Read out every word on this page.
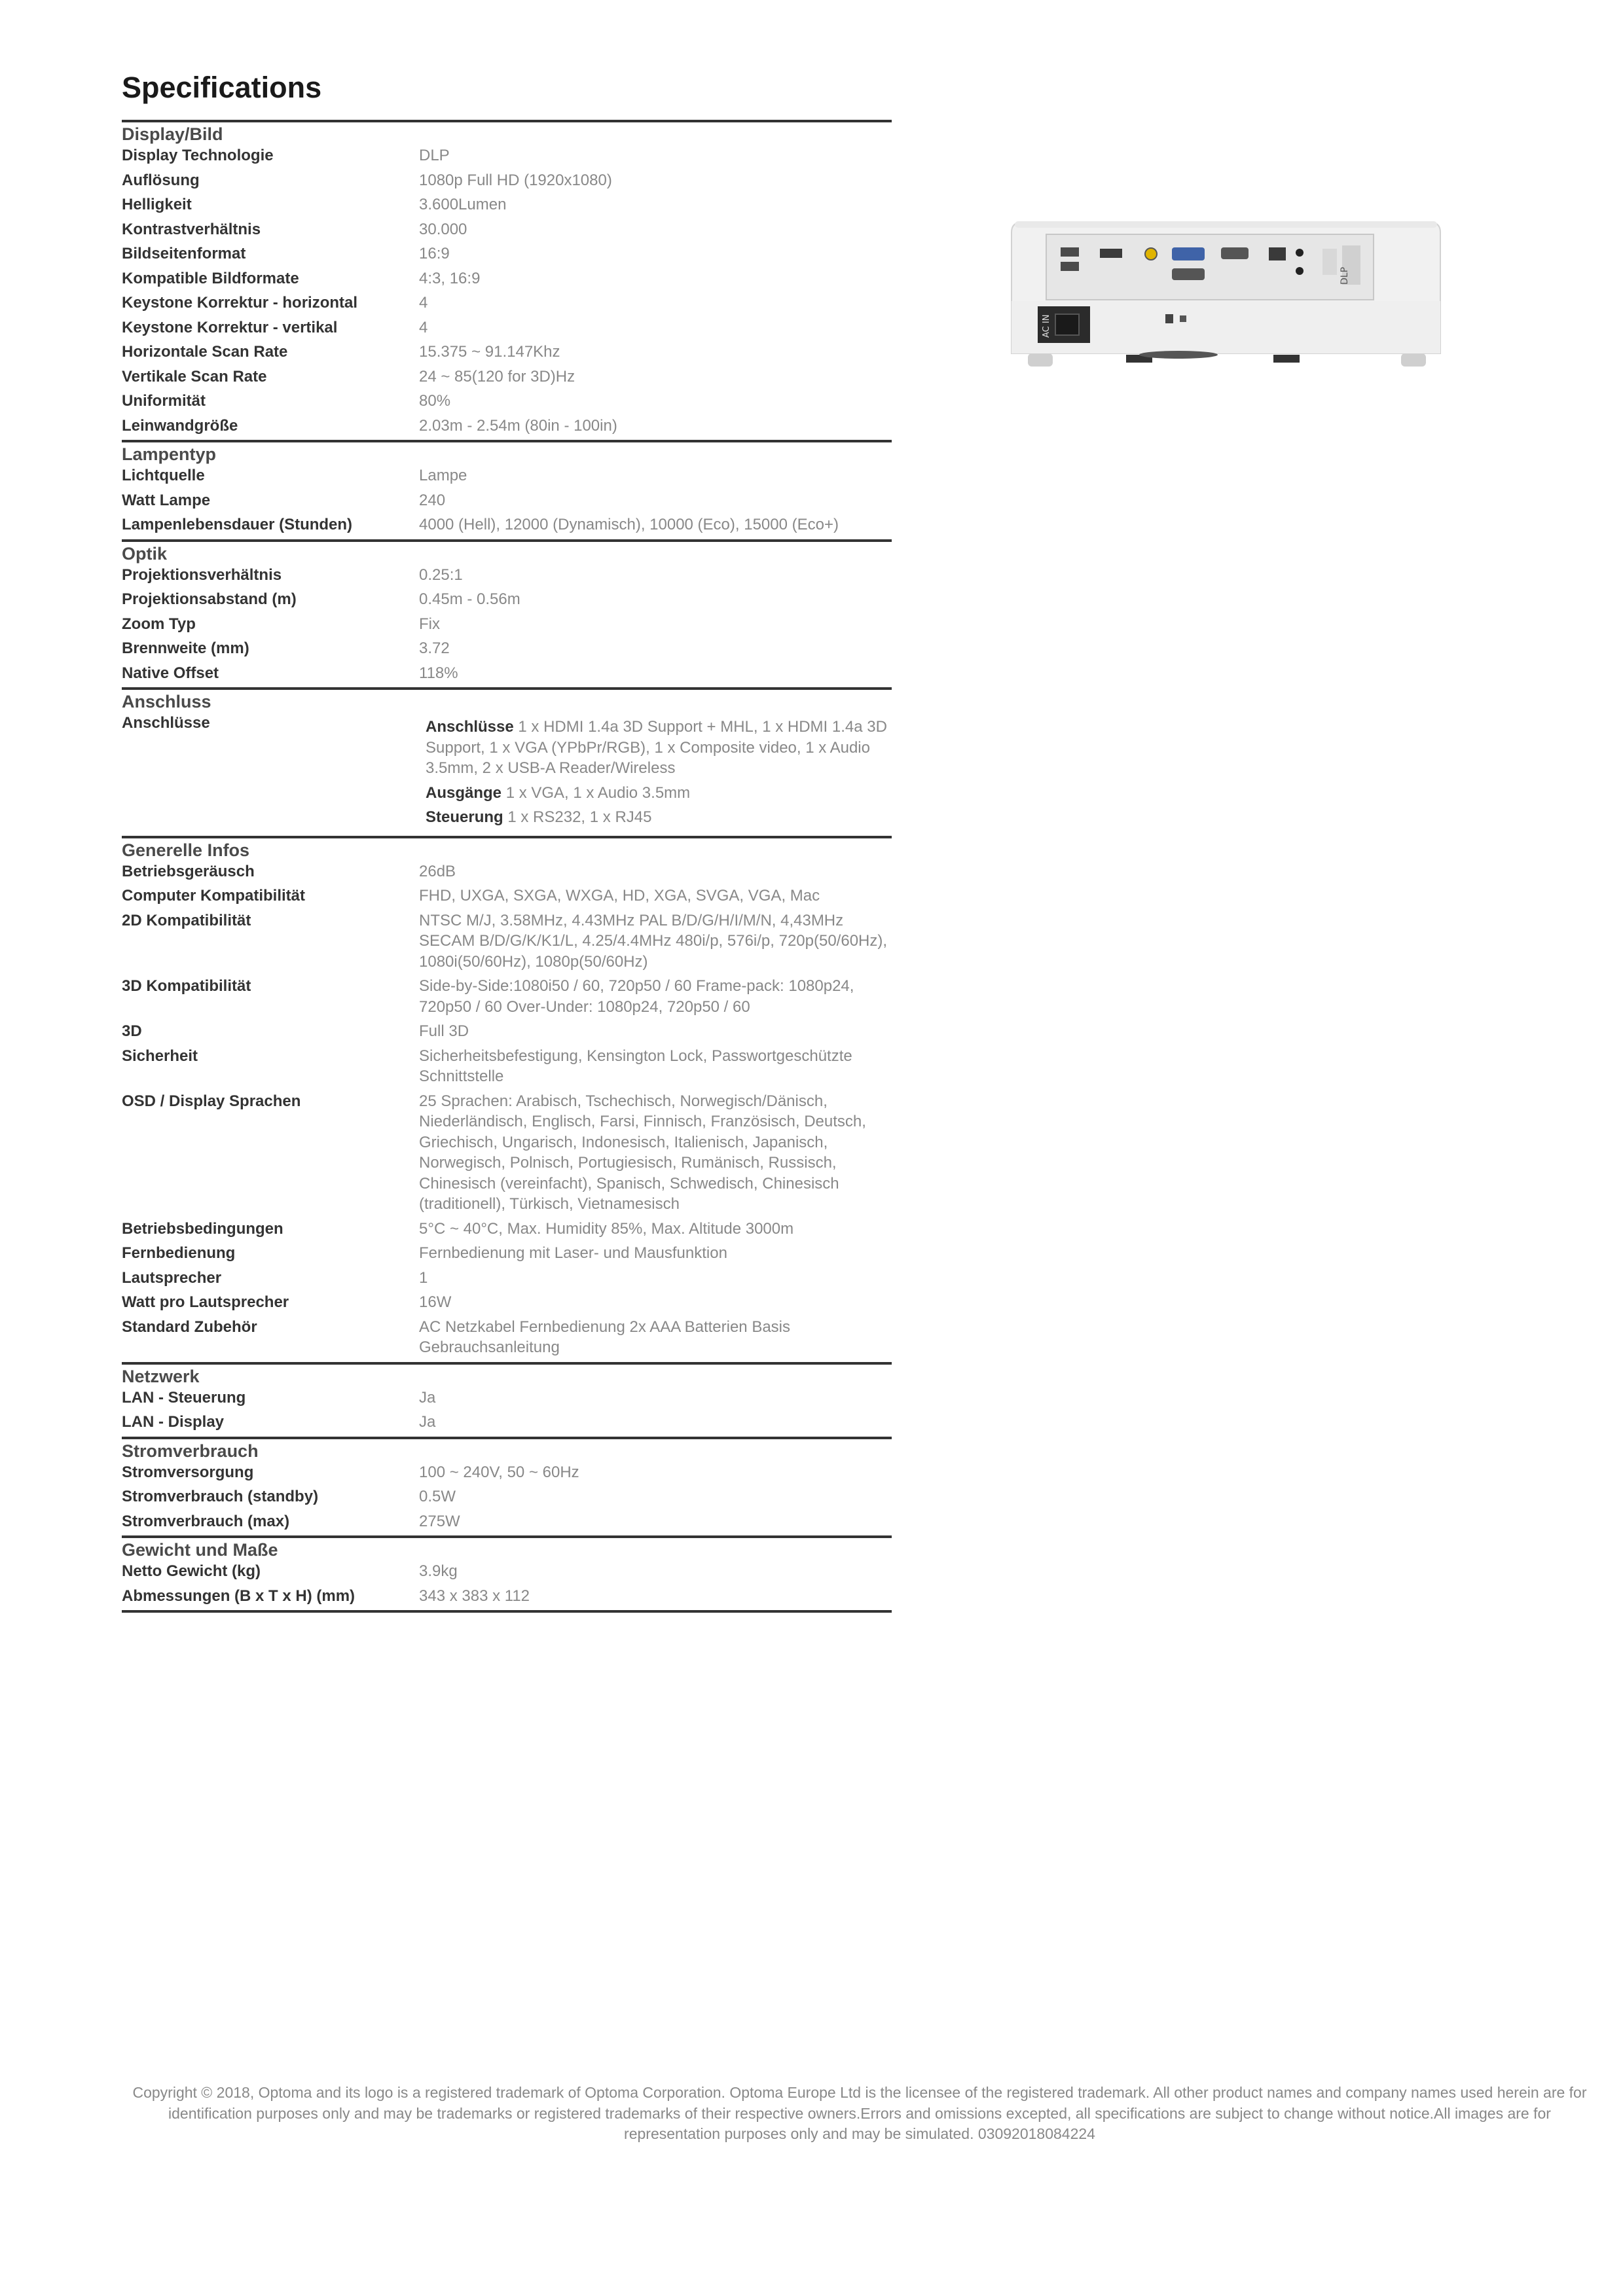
Specifications
Display/Bild
Display Technologie	DLP
Auflösung	1080p Full HD (1920x1080)
Helligkeit	3.600Lumen
Kontrastverhältnis	30.000
Bildseitenformat	16:9
Kompatible Bildformate	4:3, 16:9
Keystone Korrektur - horizontal	4
Keystone Korrektur - vertikal	4
Horizontale Scan Rate	15.375 ~ 91.147Khz
Vertikale Scan Rate	24 ~ 85(120 for 3D)Hz
Uniformität	80%
Leinwandgröße	2.03m - 2.54m (80in - 100in)
Lampentyp
Lichtquelle	Lampe
Watt Lampe	240
Lampenlebensdauer (Stunden)	4000 (Hell), 12000 (Dynamisch), 10000 (Eco), 15000 (Eco+)
Optik
Projektionsverhältnis	0.25:1
Projektionsabstand (m)	0.45m - 0.56m
Zoom Typ	Fix
Brennweite (mm)	3.72
Native Offset	118%
Anschluss
Anschlüsse	Anschlüsse 1 x HDMI 1.4a 3D Support + MHL, 1 x HDMI 1.4a 3D Support, 1 x VGA (YPbPr/RGB), 1 x Composite video, 1 x Audio 3.5mm, 2 x USB-A Reader/Wireless
Ausgänge 1 x VGA, 1 x Audio 3.5mm
Steuerung 1 x RS232, 1 x RJ45
Generelle Infos
Betriebsgeräusch	26dB
Computer Kompatibilität	FHD, UXGA, SXGA, WXGA, HD, XGA, SVGA, VGA, Mac
2D Kompatibilität	NTSC M/J, 3.58MHz, 4.43MHz PAL B/D/G/H/I/M/N, 4,43MHz SECAM B/D/G/K/K1/L, 4.25/4.4MHz 480i/p, 576i/p, 720p(50/60Hz), 1080i(50/60Hz), 1080p(50/60Hz)
3D Kompatibilität	Side-by-Side:1080i50 / 60, 720p50 / 60 Frame-pack: 1080p24, 720p50 / 60 Over-Under: 1080p24, 720p50 / 60
3D	Full 3D
Sicherheit	Sicherheitsbefestigung, Kensington Lock, Passwortgeschützte Schnittstelle
OSD / Display Sprachen	25 Sprachen: Arabisch, Tschechisch, Norwegisch/Dänisch, Niederländisch, Englisch, Farsi, Finnisch, Französisch, Deutsch, Griechisch, Ungarisch, Indonesisch, Italienisch, Japanisch, Norwegisch, Polnisch, Portugiesisch, Rumänisch, Russisch, Chinesisch (vereinfacht), Spanisch, Schwedisch, Chinesisch (traditionell), Türkisch, Vietnamesisch
Betriebsbedingungen	5°C ~ 40°C, Max. Humidity 85%, Max. Altitude 3000m
Fernbedienung	Fernbedienung mit Laser- und Mausfunktion
Lautsprecher	1
Watt pro Lautsprecher	16W
Standard Zubehör	AC Netzkabel Fernbedienung 2x AAA Batterien Basis Gebrauchsanleitung
Netzwerk
LAN - Steuerung	Ja
LAN - Display	Ja
Stromverbrauch
Stromversorgung	100 ~ 240V, 50 ~ 60Hz
Stromverbrauch (standby)	0.5W
Stromverbrauch (max)	275W
Gewicht und Maße
Netto Gewicht (kg)	3.9kg
Abmessungen (B x T x H) (mm)	343 x 383 x 112
DLP
AC IN
Copyright © 2018, Optoma and its logo is a registered trademark of Optoma Corporation. Optoma Europe Ltd is the licensee of the registered trademark. All other product names and company names used herein are for identification purposes only and may be trademarks or registered trademarks of their respective owners.Errors and omissions excepted, all specifications are subject to change without notice.All images are for representation purposes only and may be simulated. 03092018084224
